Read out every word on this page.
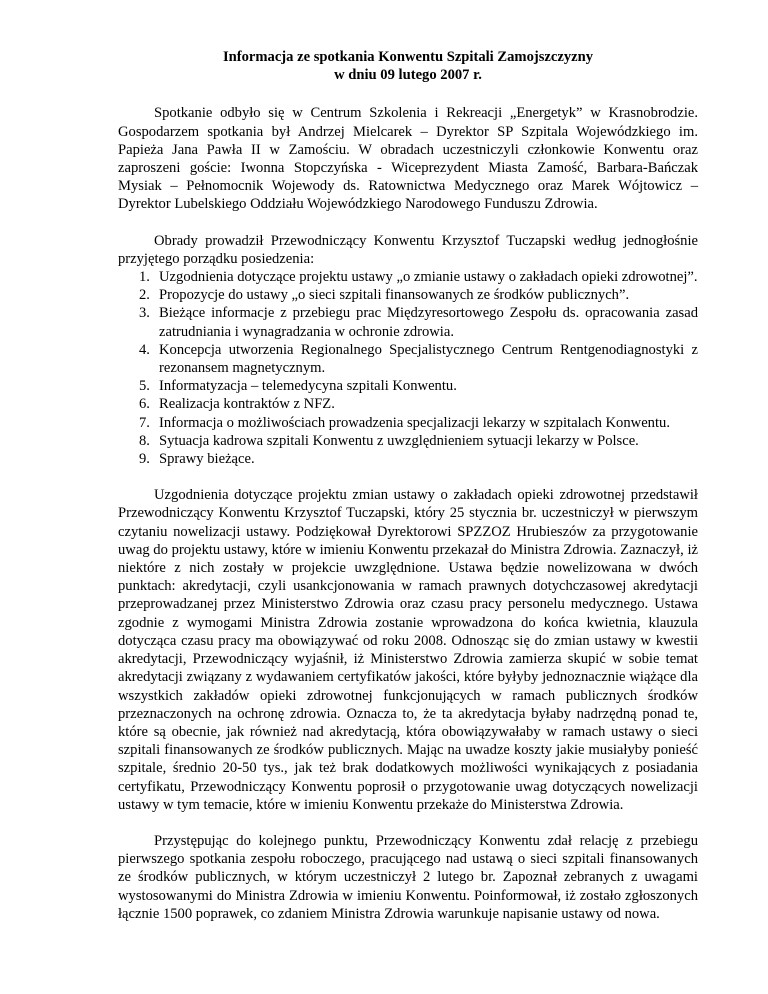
Informacja ze spotkania Konwentu Szpitali Zamojszczyzny
w dniu 09 lutego 2007 r.

Spotkanie odbyło się w Centrum Szkolenia i Rekreacji „Energetyk” w Krasnobrodzie. Gospodarzem spotkania był Andrzej Mielcarek – Dyrektor SP Szpitala Wojewódzkiego im. Papieża Jana Pawła II w Zamościu. W obradach uczestniczyli członkowie Konwentu oraz zaproszeni goście: Iwonna Stopczyńska - Wiceprezydent Miasta Zamość, Barbara-Bańczak Mysiak – Pełnomocnik Wojewody ds. Ratownictwa Medycznego oraz Marek Wójtowicz – Dyrektor Lubelskiego Oddziału Wojewódzkiego Narodowego Funduszu Zdrowia.

Obrady prowadził Przewodniczący Konwentu Krzysztof Tuczapski według jednogłośnie przyjętego porządku posiedzenia:

1. Uzgodnienia dotyczące projektu ustawy „o zmianie ustawy o zakładach opieki zdrowotnej”.
2. Propozycje do ustawy „o sieci szpitali finansowanych ze środków publicznych”.
3. Bieżące informacje z przebiegu prac Międzyresortowego Zespołu ds. opracowania zasad zatrudniania i wynagradzania w ochronie zdrowia.
4. Koncepcja utworzenia Regionalnego Specjalistycznego Centrum Rentgenodiagnostyki z rezonansem magnetycznym.
5. Informatyzacja – telemedycyna szpitali Konwentu.
6. Realizacja kontraktów z NFZ.
7. Informacja o możliwościach prowadzenia specjalizacji lekarzy w szpitalach Konwentu.
8. Sytuacja kadrowa szpitali Konwentu z uwzględnieniem sytuacji lekarzy w Polsce.
9. Sprawy bieżące.

Uzgodnienia dotyczące projektu zmian ustawy o zakładach opieki zdrowotnej przedstawił Przewodniczący Konwentu Krzysztof Tuczapski, który 25 stycznia br. uczestniczył w pierwszym czytaniu nowelizacji ustawy. Podziękował Dyrektorowi SPZZOZ Hrubieszów za przygotowanie uwag do projektu ustawy, które w imieniu Konwentu przekazał do Ministra Zdrowia. Zaznaczył, iż niektóre z nich zostały w projekcie uwzględnione. Ustawa będzie nowelizowana w dwóch punktach: akredytacji, czyli usankcjonowania w ramach prawnych dotychczasowej akredytacji przeprowadzanej przez Ministerstwo Zdrowia oraz czasu pracy personelu medycznego. Ustawa zgodnie z wymogami Ministra Zdrowia zostanie wprowadzona do końca kwietnia, klauzula dotycząca czasu pracy ma obowiązywać od roku 2008. Odnosząc się do zmian ustawy w kwestii akredytacji, Przewodniczący wyjaśnił, iż Ministerstwo Zdrowia zamierza skupić w sobie temat akredytacji związany z wydawaniem certyfikatów jakości, które byłyby jednoznacznie wiążące dla wszystkich zakładów opieki zdrowotnej funkcjonujących w ramach publicznych środków przeznaczonych na ochronę zdrowia. Oznacza to, że ta akredytacja byłaby nadrzędną ponad te, które są obecnie, jak również nad akredytacją, która obowiązywałaby w ramach ustawy o sieci szpitali finansowanych ze środków publicznych. Mając na uwadze koszty jakie musiałyby ponieść szpitale, średnio 20-50 tys., jak też brak dodatkowych możliwości wynikających z posiadania certyfikatu, Przewodniczący Konwentu poprosił o przygotowanie uwag dotyczących nowelizacji ustawy w tym temacie, które w imieniu Konwentu przekaże do Ministerstwa Zdrowia.

Przystępując do kolejnego punktu, Przewodniczący Konwentu zdał relację z przebiegu pierwszego spotkania zespołu roboczego, pracującego nad ustawą o sieci szpitali finansowanych ze środków publicznych, w którym uczestniczył 2 lutego br. Zapoznał zebranych z uwagami wystosowanymi do Ministra Zdrowia w imieniu Konwentu. Poinformował, iż zostało zgłoszonych łącznie 1500 poprawek, co zdaniem Ministra Zdrowia warunkuje napisanie ustawy od nowa.
